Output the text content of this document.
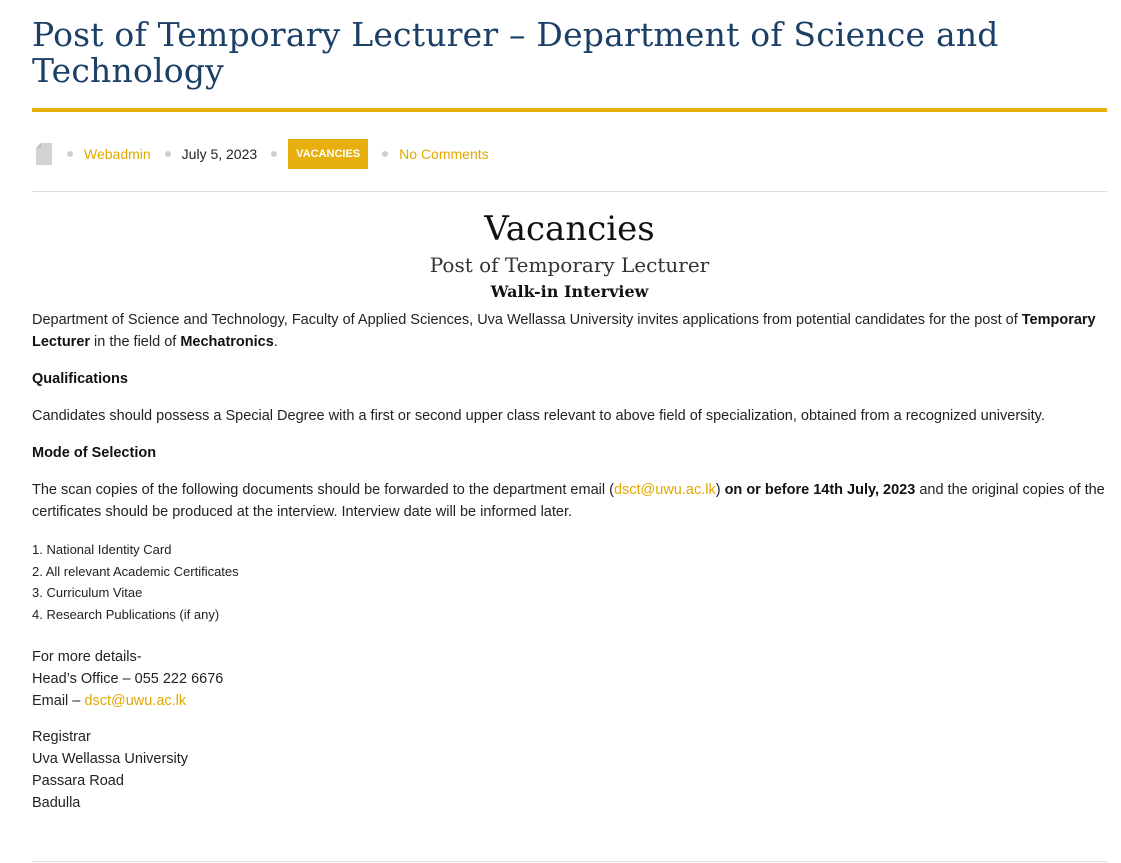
Post of Temporary Lecturer – Department of Science and Technology
Webadmin July 5, 2023	VACANCIES	No Comments
Vacancies
Post of Temporary Lecturer
Walk-in Interview

Department of Science and Technology, Faculty of Applied Sciences, Uva Wellassa University invites applications from potential candidates for the post of Temporary Lecturer in the field of Mechatronics.

Qualifications

Candidates should possess a Special Degree with a first or second upper class relevant to above field of specialization, obtained from a recognized university.

Mode of Selection

The scan copies of the following documents should be forwarded to the department email (dsct@uwu.ac.lk) on or before 14th July, 2023 and the original copies of the certificates should be produced at the interview. Interview date will be informed later.

1. National Identity Card
2. All relevant Academic Certificates
3. Curriculum Vitae
4. Research Publications (if any)
For more details-
Head’s Office – 055 222 6676
Email – dsct@uwu.ac.lk
Registrar
Uva Wellassa University
Passara Road
Badulla
